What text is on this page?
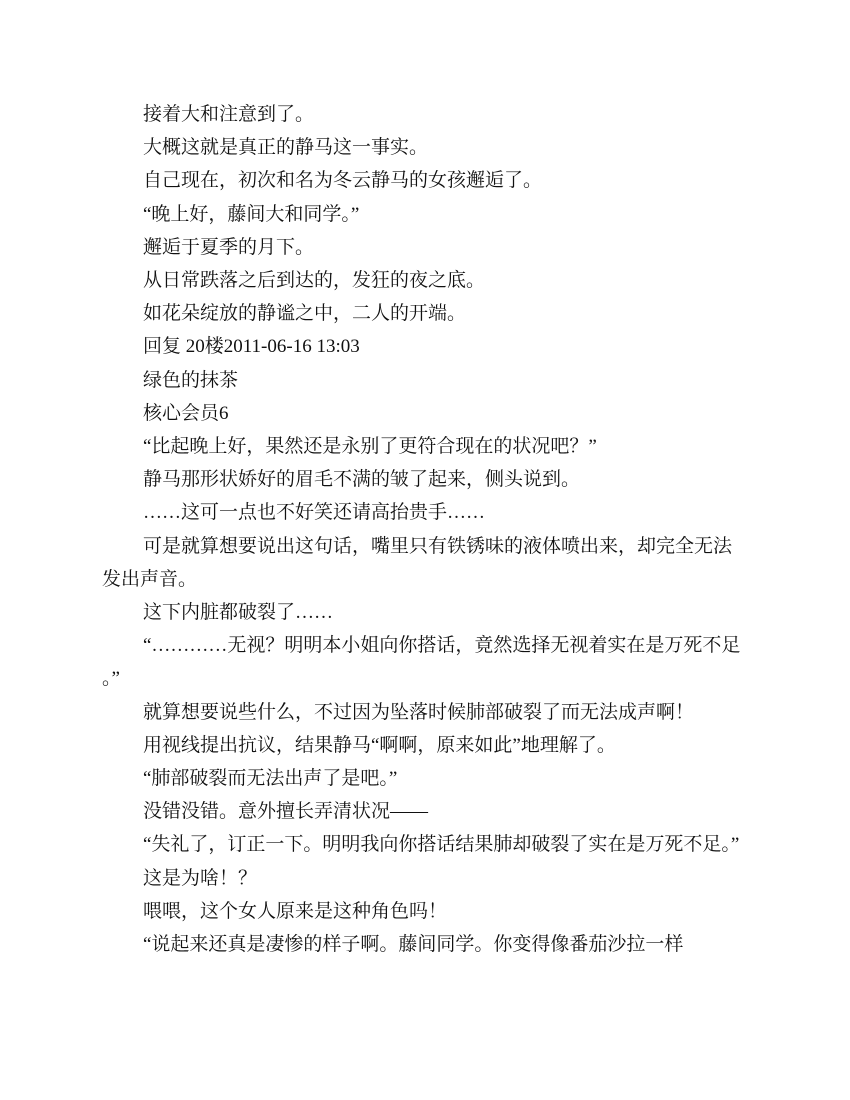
接着大和注意到了。

大概这就是真正的静马这一事实。

自己现在，初次和名为冬云静马的女孩邂逅了。

“晚上好，藤间大和同学。”

邂逅于夏季的月下。

从日常跌落之后到达的，发狂的夜之底。

如花朵绽放的静谧之中，二人的开端。

回复 20楼2011-06-16 13:03

绿色的抹茶

核心会员6

“比起晚上好，果然还是永别了更符合现在的状况吧？”

静马那形状娇好的眉毛不满的皱了起来，侧头说到。

……这可一点也不好笑还请高抬贵手……

可是就算想要说出这句话，嘴里只有铁锈味的液体喷出来，却完全无法发出声音。

这下内脏都破裂了……

“…………无视？明明本小姐向你搭话，竟然选择无视着实在是万死不足。”

就算想要说些什么，不过因为坠落时候肺部破裂了而无法成声啊！

用视线提出抗议，结果静马“啊啊，原来如此”地理解了。

“肺部破裂而无法出声了是吧。”

没错没错。意外擅长弄清状况——

“失礼了，订正一下。明明我向你搭话结果肺却破裂了实在是万死不足。”

这是为啥！？

喂喂，这个女人原来是这种角色吗！

“说起来还真是凄惨的样子啊。藤间同学。你变得像番茄沙拉一样
